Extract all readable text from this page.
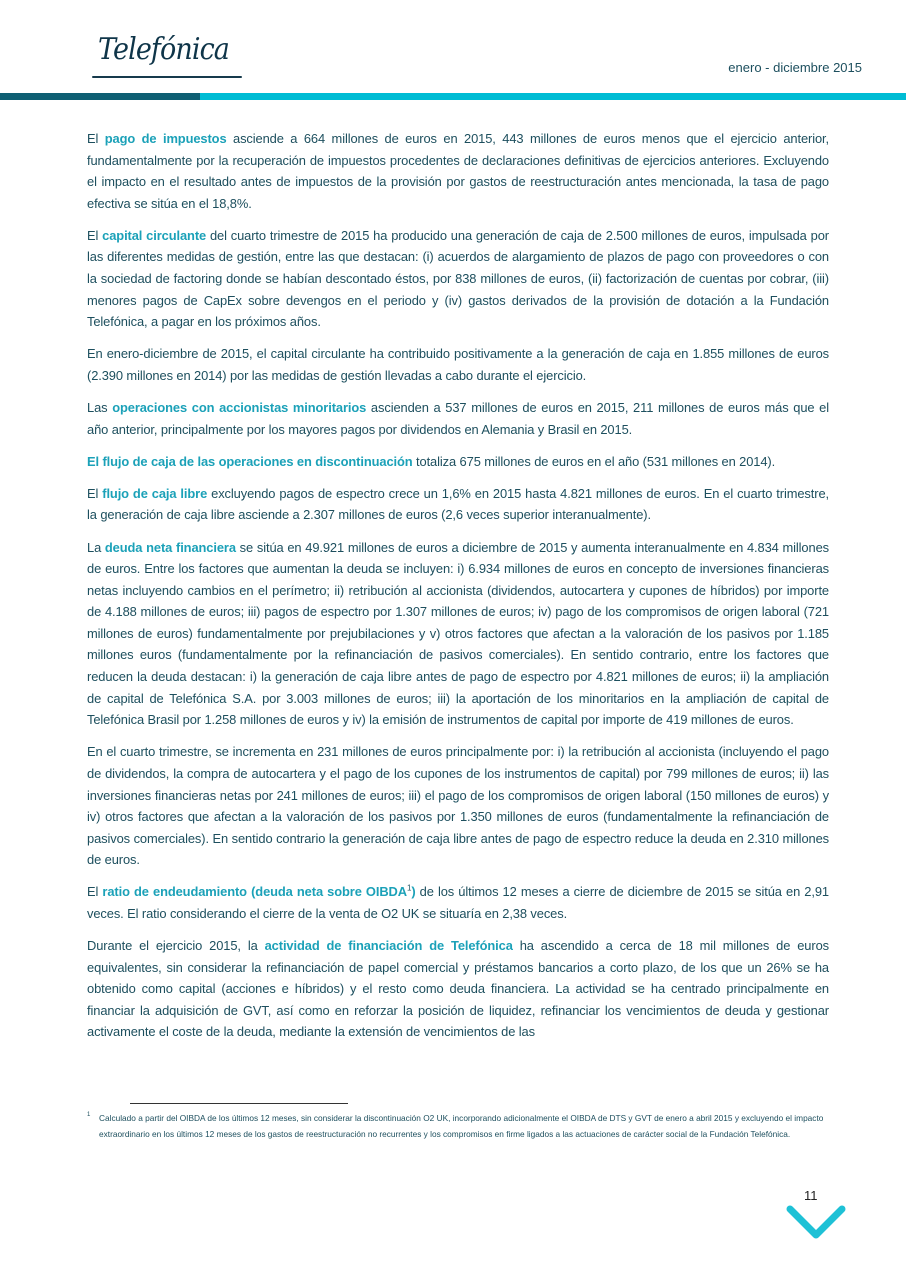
Telefónica
enero - diciembre 2015

El pago de impuestos asciende a 664 millones de euros en 2015, 443 millones de euros menos que el ejercicio anterior, fundamentalmente por la recuperación de impuestos procedentes de declaraciones definitivas de ejercicios anteriores. Excluyendo el impacto en el resultado antes de impuestos de la provisión por gastos de reestructuración antes mencionada, la tasa de pago efectiva se sitúa en el 18,8%.

El capital circulante del cuarto trimestre de 2015 ha producido una generación de caja de 2.500 millones de euros, impulsada por las diferentes medidas de gestión, entre las que destacan: (i) acuerdos de alargamiento de plazos de pago con proveedores o con la sociedad de factoring donde se habían descontado éstos, por 838 millones de euros, (ii) factorización de cuentas por cobrar, (iii) menores pagos de CapEx sobre devengos en el periodo y (iv) gastos derivados de la provisión de dotación a la Fundación Telefónica, a pagar en los próximos años.

En enero-diciembre de 2015, el capital circulante ha contribuido positivamente a la generación de caja en 1.855 millones de euros (2.390 millones en 2014) por las medidas de gestión llevadas a cabo durante el ejercicio.

Las operaciones con accionistas minoritarios ascienden a 537 millones de euros en 2015, 211 millones de euros más que el año anterior, principalmente por los mayores pagos por dividendos en Alemania y Brasil en 2015.

El flujo de caja de las operaciones en discontinuación totaliza 675 millones de euros en el año (531 millones en 2014).

El flujo de caja libre excluyendo pagos de espectro crece un 1,6% en 2015 hasta 4.821 millones de euros. En el cuarto trimestre, la generación de caja libre asciende a 2.307 millones de euros (2,6 veces superior interanualmente).

La deuda neta financiera se sitúa en 49.921 millones de euros a diciembre de 2015 y aumenta interanualmente en 4.834 millones de euros. Entre los factores que aumentan la deuda se incluyen: i) 6.934 millones de euros en concepto de inversiones financieras netas incluyendo cambios en el perímetro; ii) retribución al accionista (dividendos, autocartera y cupones de híbridos) por importe de 4.188 millones de euros; iii) pagos de espectro por 1.307 millones de euros; iv) pago de los compromisos de origen laboral (721 millones de euros) fundamentalmente por prejubilaciones y v) otros factores que afectan a la valoración de los pasivos por 1.185 millones euros (fundamentalmente por la refinanciación de pasivos comerciales). En sentido contrario, entre los factores que reducen la deuda destacan: i) la generación de caja libre antes de pago de espectro por 4.821 millones de euros; ii) la ampliación de capital de Telefónica S.A. por 3.003 millones de euros; iii) la aportación de los minoritarios en la ampliación de capital de Telefónica Brasil por 1.258 millones de euros y iv) la emisión de instrumentos de capital por importe de 419 millones de euros.

En el cuarto trimestre, se incrementa en 231 millones de euros principalmente por: i) la retribución al accionista (incluyendo el pago de dividendos, la compra de autocartera y el pago de los cupones de los instrumentos de capital) por 799 millones de euros; ii) las inversiones financieras netas por 241 millones de euros; iii) el pago de los compromisos de origen laboral (150 millones de euros) y iv) otros factores que afectan a la valoración de los pasivos por 1.350 millones de euros (fundamentalmente la refinanciación de pasivos comerciales). En sentido contrario la generación de caja libre antes de pago de espectro reduce la deuda en 2.310 millones de euros.

El ratio de endeudamiento (deuda neta sobre OIBDA$^1$) de los últimos 12 meses a cierre de diciembre de 2015 se sitúa en 2,91 veces. El ratio considerando el cierre de la venta de O2 UK se situaría en 2,38 veces.

Durante el ejercicio 2015, la actividad de financiación de Telefónica ha ascendido a cerca de 18 mil millones de euros equivalentes, sin considerar la refinanciación de papel comercial y préstamos bancarios a corto plazo, de los que un 26% se ha obtenido como capital (acciones e híbridos) y el resto como deuda financiera. La actividad se ha centrado principalmente en financiar la adquisición de GVT, así como en reforzar la posición de liquidez, refinanciar los vencimientos de deuda y gestionar activamente el coste de la deuda, mediante la extensión de vencimientos de las

1 Calculado a partir del OIBDA de los últimos 12 meses, sin considerar la discontinuación O2 UK, incorporando adicionalmente el OIBDA de DTS y GVT de enero a abril 2015 y excluyendo el impacto extraordinario en los últimos 12 meses de los gastos de reestructuración no recurrentes y los compromisos en firme ligados a las actuaciones de carácter social de la Fundación Telefónica.
11
